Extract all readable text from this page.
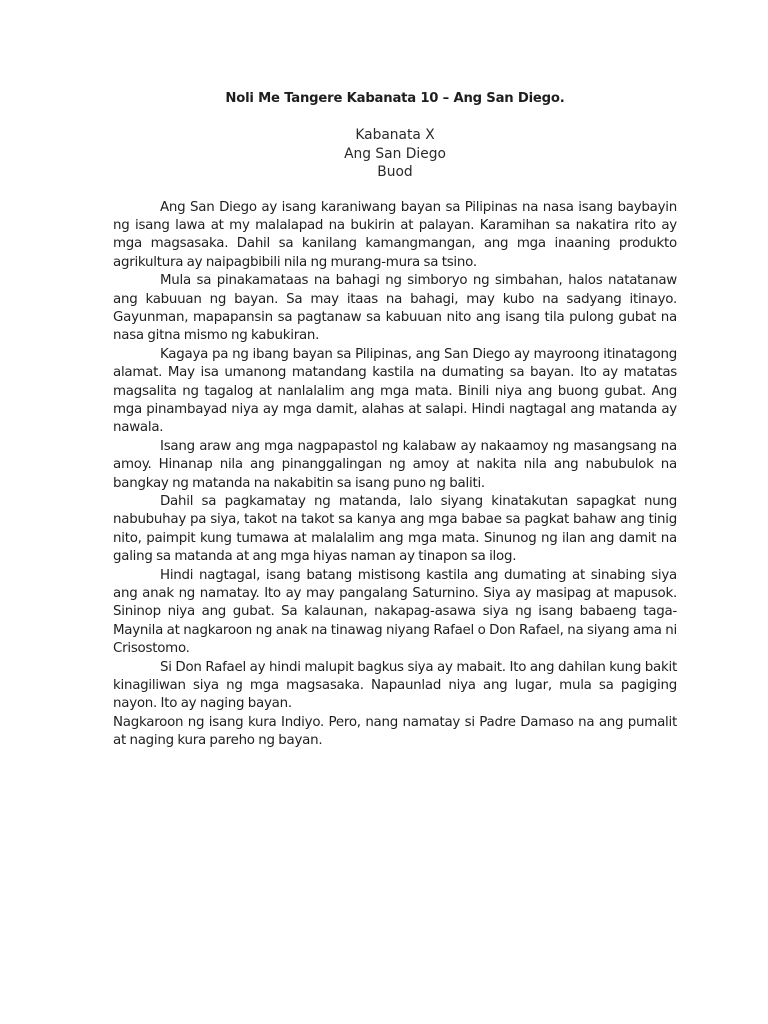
Noli Me Tangere Kabanata 10 – Ang San Diego.
Kabanata X
Ang San Diego
Buod

Ang San Diego ay isang karaniwang bayan sa Pilipinas na nasa isang baybayin ng isang lawa at my malalapad na bukirin at palayan. Karamihan sa nakatira rito ay mga magsasaka. Dahil sa kanilang kamangmangan, ang mga inaaning produkto agrikultura ay naipagbibili nila ng murang-mura sa tsino.

Mula sa pinakamataas na bahagi ng simboryo ng simbahan, halos natatanaw ang kabuuan ng bayan. Sa may itaas na bahagi, may kubo na sadyang itinayo. Gayunman, mapapansin sa pagtanaw sa kabuuan nito ang isang tila pulong gubat na nasa gitna mismo ng kabukiran.

Kagaya pa ng ibang bayan sa Pilipinas, ang San Diego ay mayroong itinatagong alamat. May isa umanong matandang kastila na dumating sa bayan. Ito ay matatas magsalita ng tagalog at nanlalalim ang mga mata. Binili niya ang buong gubat. Ang mga pinambayad niya ay mga damit, alahas at salapi. Hindi nagtagal ang matanda ay nawala.

Isang araw ang mga nagpapastol ng kalabaw ay nakaamoy ng masangsang na amoy. Hinanap nila ang pinanggalingan ng amoy at nakita nila ang nabubulok na bangkay ng matanda na nakabitin sa isang puno ng baliti.

Dahil sa pagkamatay ng matanda, lalo siyang kinatakutan sapagkat nung nabubuhay pa siya, takot na takot sa kanya ang mga babae sa pagkat bahaw ang tinig nito, paimpit kung tumawa at malalalim ang mga mata. Sinunog ng ilan ang damit na galing sa matanda at ang mga hiyas naman ay tinapon sa ilog.

Hindi nagtagal, isang batang mistisong kastila ang dumating at sinabing siya ang anak ng namatay. Ito ay may pangalang Saturnino. Siya ay masipag at mapusok. Sininop niya ang gubat. Sa kalaunan, nakapag-asawa siya ng isang babaeng taga-Maynila at nagkaroon ng anak na tinawag niyang Rafael o Don Rafael, na siyang ama ni Crisostomo.

Si Don Rafael ay hindi malupit bagkus siya ay mabait. Ito ang dahilan kung bakit kinagiliwan siya ng mga magsasaka. Napaunlad niya ang lugar, mula sa pagiging nayon. Ito ay naging bayan.

Nagkaroon ng isang kura Indiyo. Pero, nang namatay si Padre Damaso na ang pumalit at naging kura pareho ng bayan.
